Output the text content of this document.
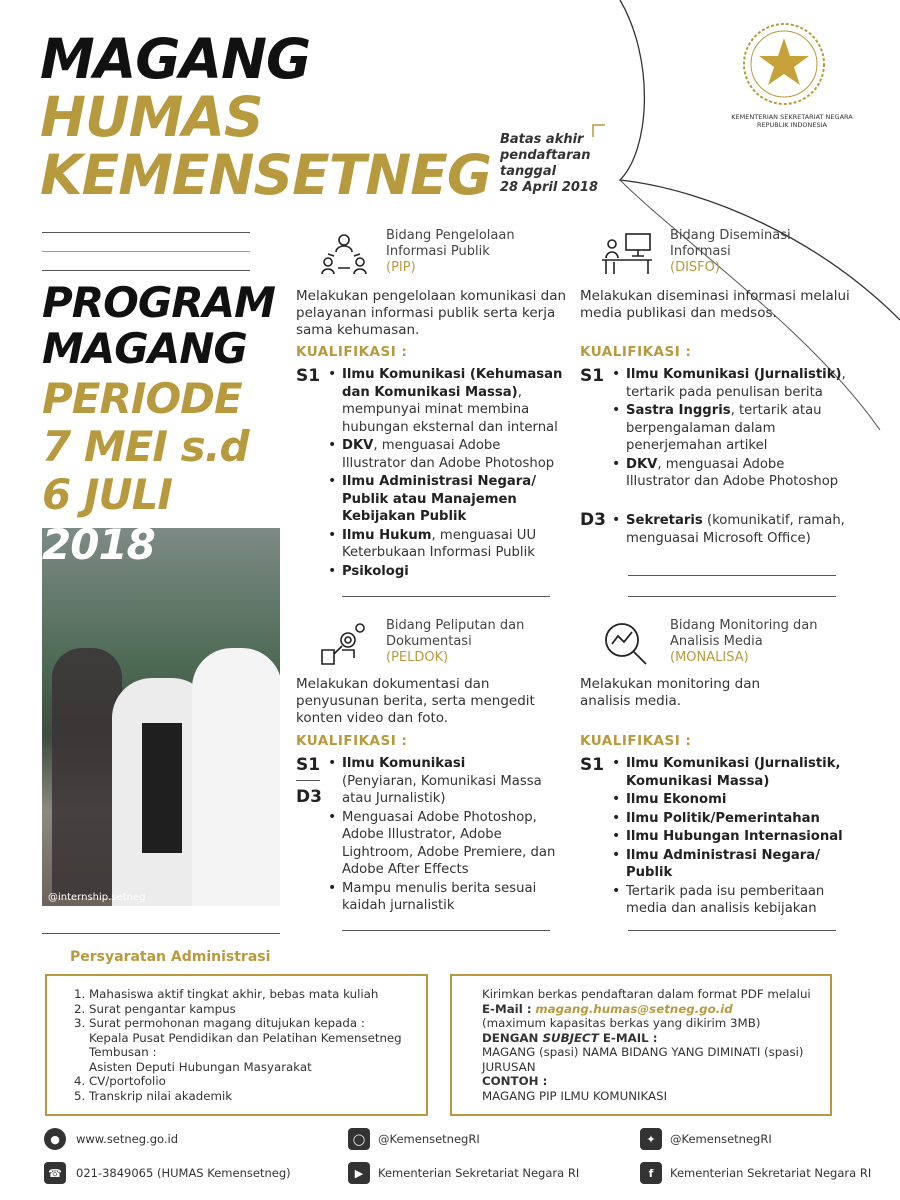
MAGANG
HUMAS
KEMENSETNEG
Batas akhir
pendaftaran
tanggal
28 April 2018
KEMENTERIAN SEKRETARIAT NEGARA
REPUBLIK INDONESIA
PROGRAM
MAGANG
PERIODE
7 MEI s.d
6 JULI
@internship.setneg
2018
Bidang Pengelolaan
Informasi Publik
(PIP)
Melakukan pengelolaan komunikasi dan pelayanan informasi publik serta kerja sama kehumasan.
KUALIFIKASI :
S1	• Ilmu Komunikasi (Kehumasan dan Komunikasi Massa), mempunyai minat membina hubungan eksternal dan internal
• DKV, menguasai Adobe Illustrator dan Adobe Photoshop
• Ilmu Administrasi Negara/ Publik atau Manajemen Kebijakan Publik
• Ilmu Hukum, menguasai UU Keterbukaan Informasi Publik
• Psikologi
Bidang Diseminasi
Informasi
(DISFO)
Melakukan diseminasi informasi melalui media publikasi dan medsos.
KUALIFIKASI :
S1	• Ilmu Komunikasi (Jurnalistik), tertarik pada penulisan berita
• Sastra Inggris, tertarik atau berpengalaman dalam penerjemahan artikel
• DKV, menguasai Adobe Illustrator dan Adobe Photoshop
D3	• Sekretaris (komunikatif, ramah, menguasai Microsoft Office)
Bidang Peliputan dan
Dokumentasi
(PELDOK)
Melakukan dokumentasi dan penyusunan berita, serta mengedit konten video dan foto.
KUALIFIKASI :
S1
D3
• Ilmu Komunikasi
(Penyiaran, Komunikasi Massa atau Jurnalistik)
• Menguasai Adobe Photoshop, Adobe Illustrator, Adobe Lightroom, Adobe Premiere, dan Adobe After Effects
• Mampu menulis berita sesuai kaidah jurnalistik
Bidang Monitoring dan
Analisis Media
(MONALISA)
Melakukan monitoring dan analisis media.
KUALIFIKASI :
S1	• Ilmu Komunikasi (Jurnalistik, Komunikasi Massa)
• Ilmu Ekonomi
• Ilmu Politik/Pemerintahan
• Ilmu Hubungan Internasional
• Ilmu Administrasi Negara/ Publik
• Tertarik pada isu pemberitaan media dan analisis kebijakan
Persyaratan Administrasi
1. Mahasiswa aktif tingkat akhir, bebas mata kuliah
2. Surat pengantar kampus
3. Surat permohonan magang ditujukan kepada :
Kepala Pusat Pendidikan dan Pelatihan Kemensetneg
Tembusan :
Asisten Deputi Hubungan Masyarakat
4. CV/portofolio
5. Transkrip nilai akademik
Kirimkan berkas pendaftaran dalam format PDF melalui
E-Mail : magang.humas@setneg.go.id
(maximum kapasitas berkas yang dikirim 3MB)
DENGAN SUBJECT E-MAIL :
MAGANG (spasi) NAMA BIDANG YANG DIMINATI (spasi) JURUSAN
CONTOH :
MAGANG PIP ILMU KOMUNIKASI
●	www.setneg.go.id
☎	021-3849065 (HUMAS Kemensetneg)
◯	@KemensetnegRI
▶	Kementerian Sekretariat Negara RI
✦	@KemensetnegRI
f	Kementerian Sekretariat Negara RI
